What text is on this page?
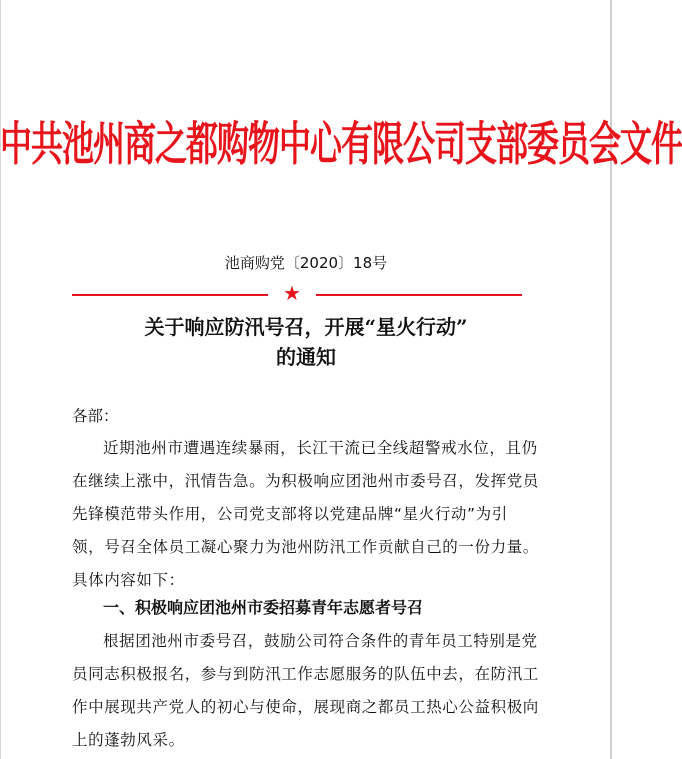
中共池州商之都购物中心有限公司支部委员会文件
池商购党〔2020〕18号
★
关于响应防汛号召，开展“星火行动”
的通知
各部：
近期池州市遭遇连续暴雨，长江干流已全线超警戒水位，且仍在继续上涨中，汛情告急。为积极响应团池州市委号召，发挥党员先锋模范带头作用，公司党支部将以党建品牌“星火行动”为引领，号召全体员工凝心聚力为池州防汛工作贡献自己的一份力量。具体内容如下：
一、积极响应团池州市委招募青年志愿者号召
根据团池州市委号召，鼓励公司符合条件的青年员工特别是党员同志积极报名，参与到防汛工作志愿服务的队伍中去，在防汛工作中展现共产党人的初心与使命，展现商之都员工热心公益积极向上的蓬勃风采。
